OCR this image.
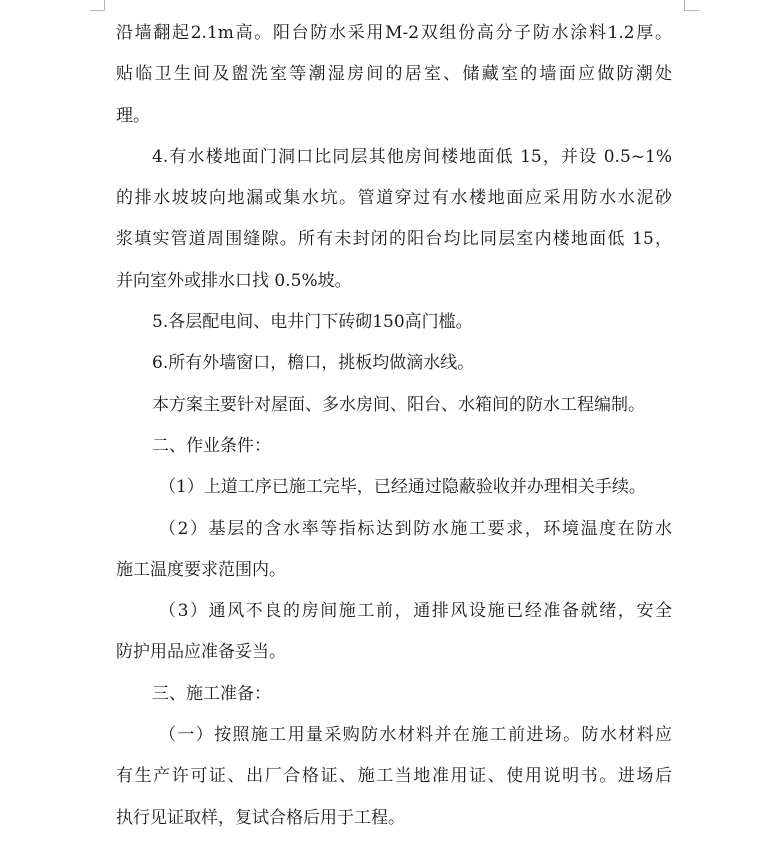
沿墙翻起2.1m高。阳台防水采用M-2双组份高分子防水涂料1.2厚。
贴临卫生间及盥洗室等潮湿房间的居室、储藏室的墙面应做防潮处
理。
4.有水楼地面门洞口比同层其他房间楼地面低 15，并设 0.5~1%
的排水坡坡向地漏或集水坑。管道穿过有水楼地面应采用防水水泥砂
浆填实管道周围缝隙。所有未封闭的阳台均比同层室内楼地面低 15，
并向室外或排水口找 0.5%坡。
5.各层配电间、电井门下砖砌150高门槛。
6.所有外墙窗口，檐口，挑板均做滴水线。
本方案主要针对屋面、多水房间、阳台、水箱间的防水工程编制。
二、作业条件：
（1）上道工序已施工完毕，已经通过隐蔽验收并办理相关手续。
（2）基层的含水率等指标达到防水施工要求，环境温度在防水
施工温度要求范围内。
（3）通风不良的房间施工前，通排风设施已经准备就绪，安全
防护用品应准备妥当。
三、施工准备：
（一）按照施工用量采购防水材料并在施工前进场。防水材料应
有生产许可证、出厂合格证、施工当地准用证、使用说明书。进场后
执行见证取样，复试合格后用于工程。
